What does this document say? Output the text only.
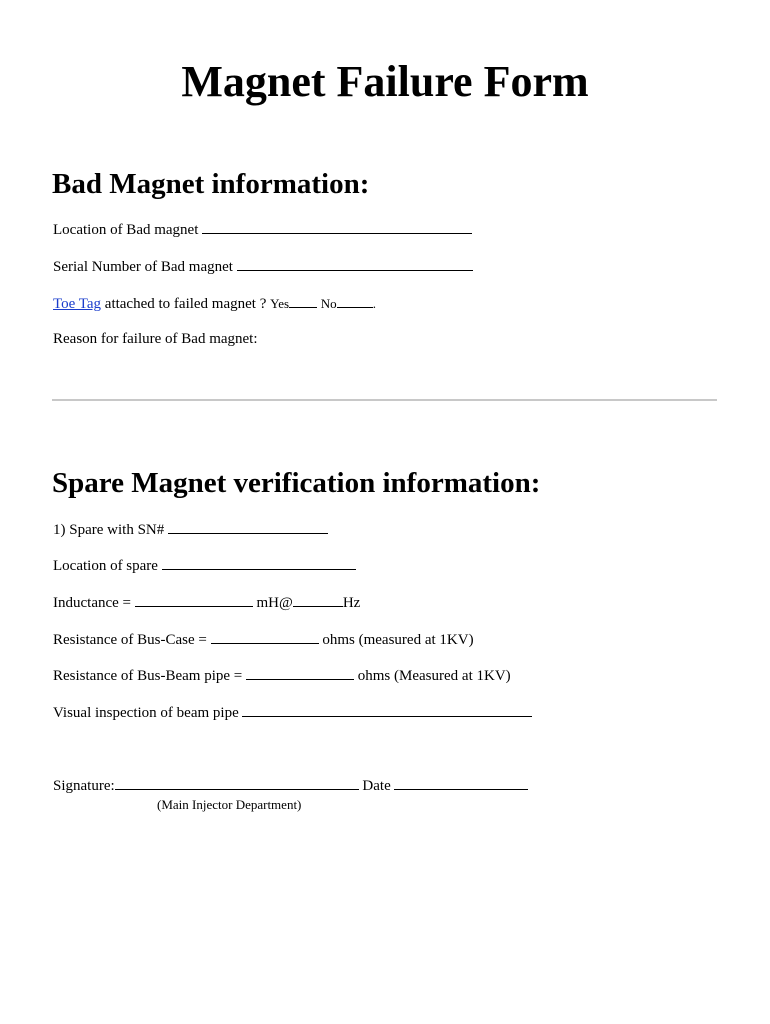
Magnet Failure Form
Bad Magnet information:
Location of Bad magnet
Serial Number of Bad magnet
Toe Tag attached to failed magnet ? Yes No	.
Reason for failure of Bad magnet:
Spare Magnet verification information:
1) Spare with SN#
Location of spare
Inductance =	mH@	Hz
Resistance of Bus-Case =	ohms (measured at 1KV)
Resistance of Bus-Beam pipe =	ohms (Measured at 1KV)
Visual inspection of beam pipe
Signature:	Date
(Main Injector Department)
